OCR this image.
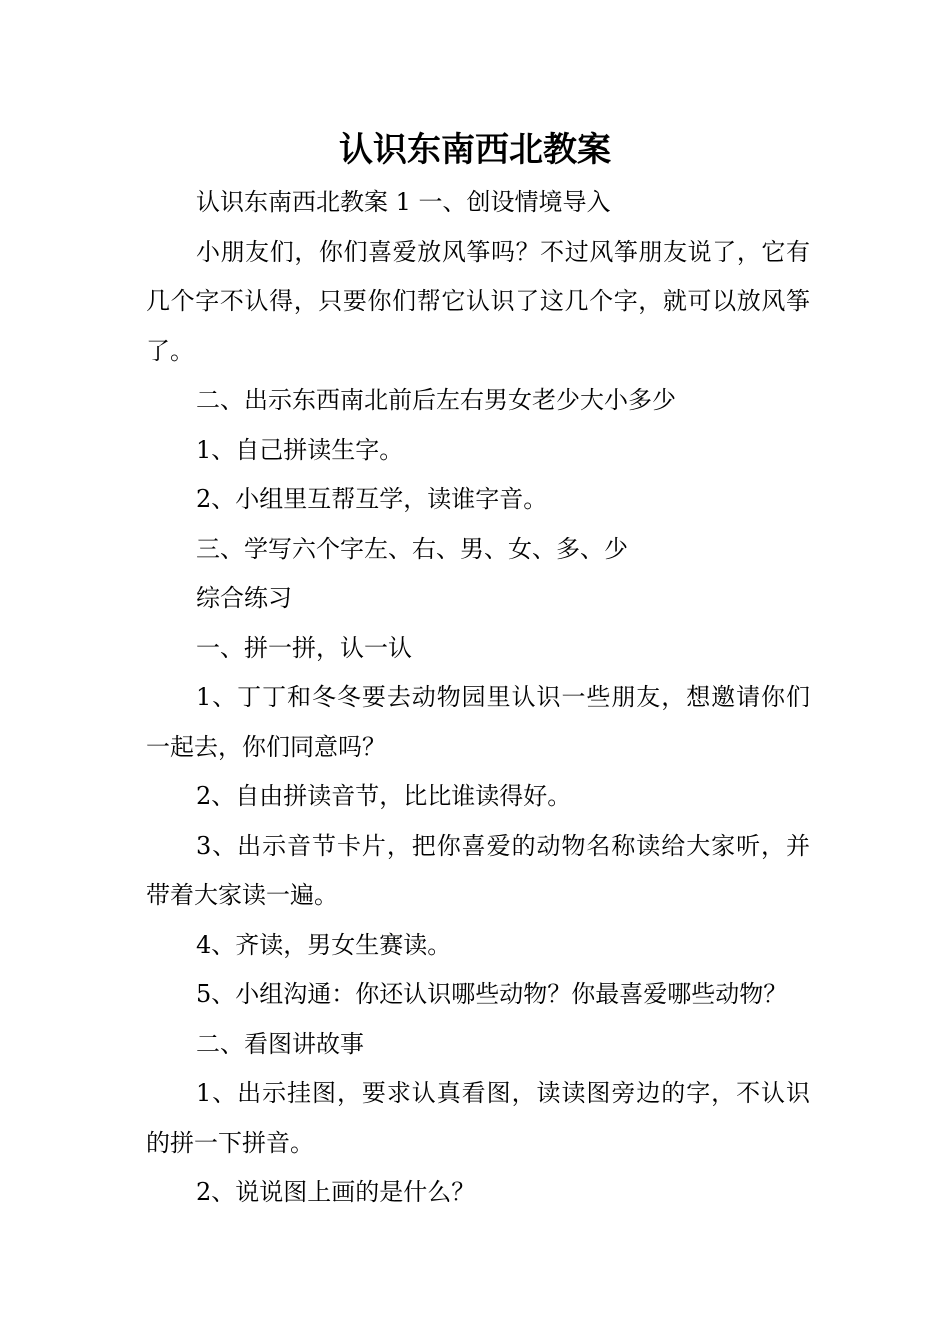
认识东南西北教案

认识东南西北教案 1 一、创设情境导入

小朋友们，你们喜爱放风筝吗？不过风筝朋友说了，它有几个字不认得，只要你们帮它认识了这几个字，就可以放风筝了。

二、出示东西南北前后左右男女老少大小多少

1、自己拼读生字。

2、小组里互帮互学，读谁字音。

三、学写六个字左、右、男、女、多、少

综合练习

一、拼一拼，认一认

1、丁丁和冬冬要去动物园里认识一些朋友，想邀请你们一起去，你们同意吗？

2、自由拼读音节，比比谁读得好。

3、出示音节卡片，把你喜爱的动物名称读给大家听，并带着大家读一遍。

4、齐读，男女生赛读。

5、小组沟通：你还认识哪些动物？你最喜爱哪些动物？

二、看图讲故事

1、出示挂图，要求认真看图，读读图旁边的字，不认识的拼一下拼音。

2、说说图上画的是什么？
